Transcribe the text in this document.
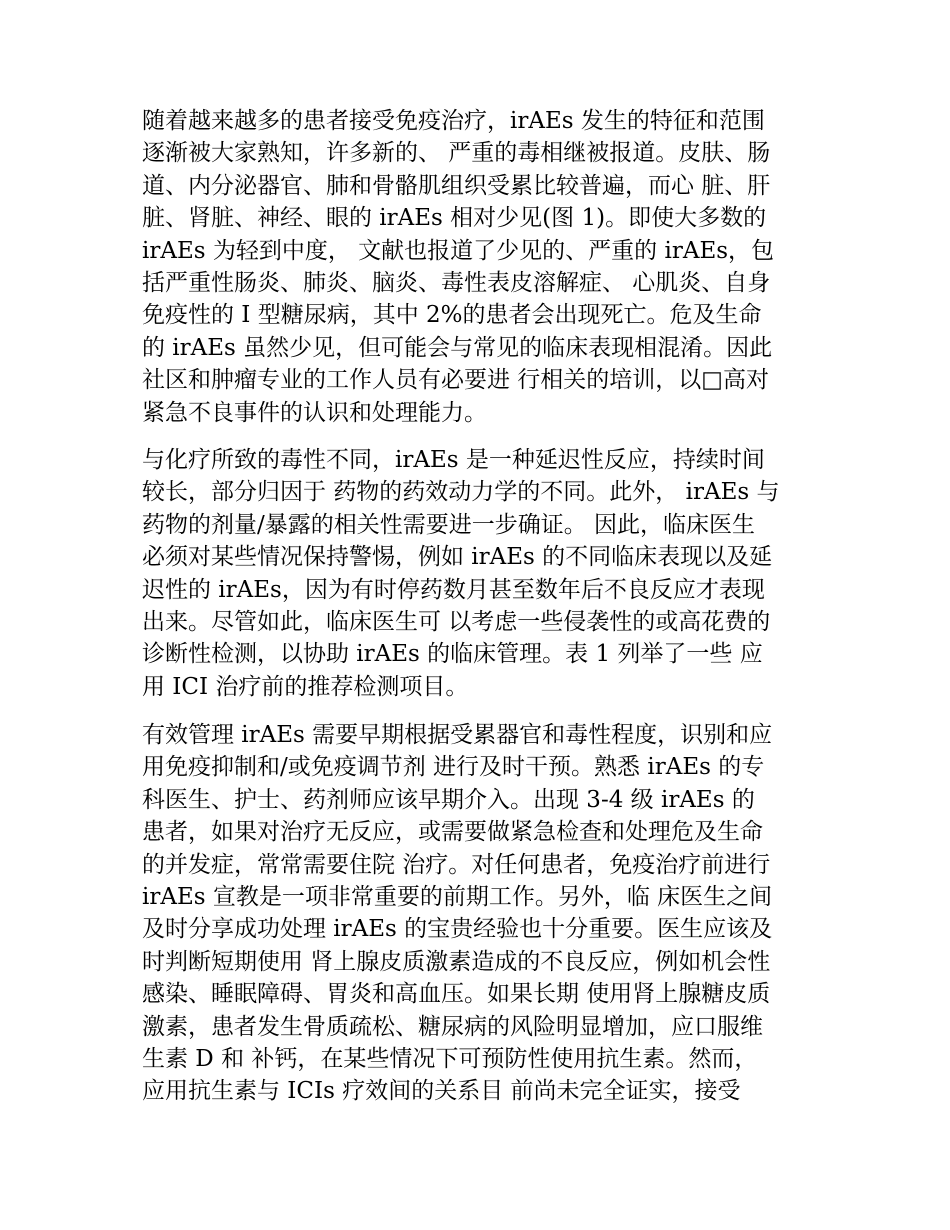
随着越来越多的患者接受免疫治疗，irAEs 发生的特征和范围
逐渐被大家熟知，许多新的、 严重的毒相继被报道。皮肤、肠
道、内分泌器官、肺和骨骼肌组织受累比较普遍，而心 脏、肝
脏、肾脏、神经、眼的 irAEs 相对少见(图 1)。即使大多数的
irAEs 为轻到中度， 文献也报道了少见的、严重的 irAEs，包
括严重性肠炎、肺炎、脑炎、毒性表皮溶解症、 心肌炎、自身
免疫性的 I 型糖尿病，其中 2%的患者会出现死亡。危及生命
的 irAEs 虽然少见，但可能会与常见的临床表现相混淆。因此
社区和肿瘤专业的工作人员有必要进 行相关的培训，以□高对
紧急不良事件的认识和处理能力。
与化疗所致的毒性不同，irAEs 是一种延迟性反应，持续时间
较长，部分归因于 药物的药效动力学的不同。此外， irAEs 与
药物的剂量/暴露的相关性需要进一步确证。 因此，临床医生
必须对某些情况保持警惕，例如 irAEs 的不同临床表现以及延
迟性的 irAEs，因为有时停药数月甚至数年后不良反应才表现
出来。尽管如此，临床医生可 以考虑一些侵袭性的或高花费的
诊断性检测，以协助 irAEs 的临床管理。表 1 列举了一些 应
用 ICI 治疗前的推荐检测项目。
有效管理 irAEs 需要早期根据受累器官和毒性程度，识别和应
用免疫抑制和/或免疫调节剂 进行及时干预。熟悉 irAEs 的专
科医生、护士、药剂师应该早期介入。出现 3-4 级 irAEs 的
患者，如果对治疗无反应，或需要做紧急检查和处理危及生命
的并发症，常常需要住院 治疗。对任何患者，免疫治疗前进行
irAEs 宣教是一项非常重要的前期工作。另外，临 床医生之间
及时分享成功处理 irAEs 的宝贵经验也十分重要。医生应该及
时判断短期使用 肾上腺皮质激素造成的不良反应，例如机会性
感染、睡眠障碍、胃炎和高血压。如果长期 使用肾上腺糖皮质
激素，患者发生骨质疏松、糖尿病的风险明显增加，应口服维
生素 D 和 补钙，在某些情况下可预防性使用抗生素。然而，
应用抗生素与 ICIs 疗效间的关系目 前尚未完全证实，接受
